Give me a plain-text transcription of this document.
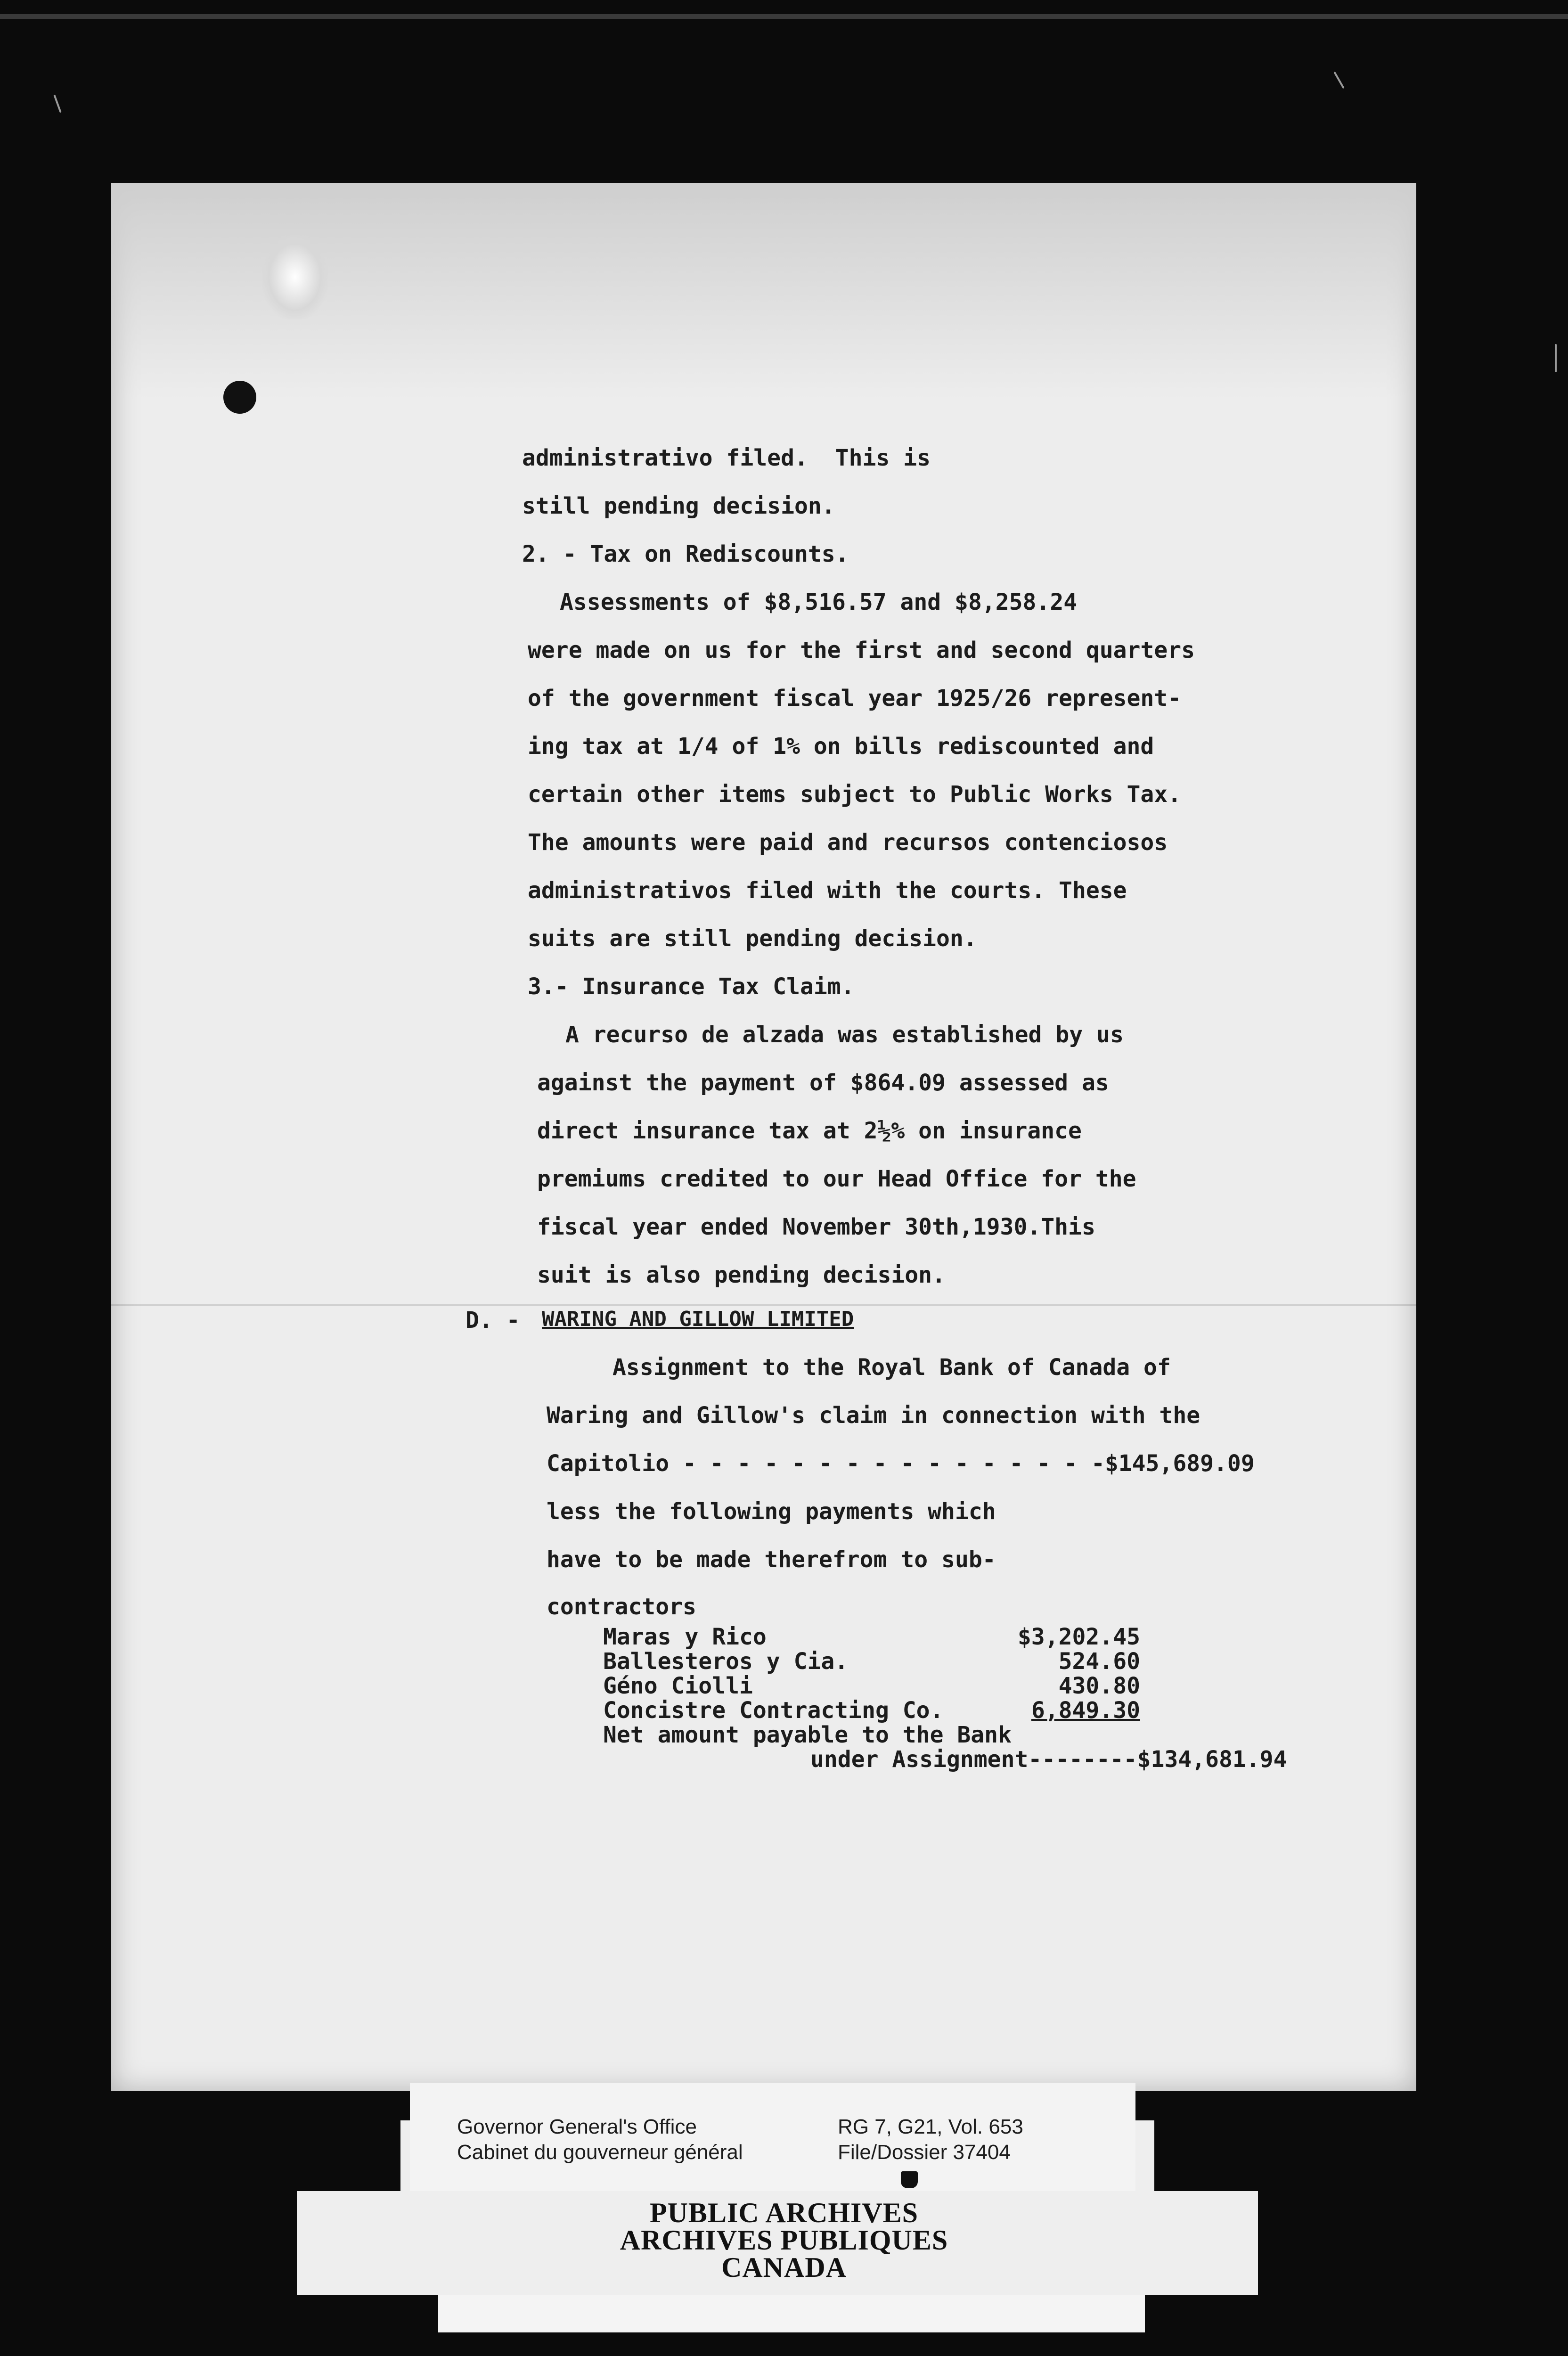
administrativo filed.  This is
still pending decision.
2. - Tax on Rediscounts.
Assessments of $8,516.57 and $8,258.24
were made on us for the first and second quarters
of the government fiscal year 1925/26 represent-
ing tax at 1/4 of 1% on bills rediscounted and
certain other items subject to Public Works Tax.
The amounts were paid and recursos contenciosos
administrativos filed with the courts. These
suits are still pending decision.
3.- Insurance Tax Claim.
A recurso de alzada was established by us
against the payment of $864.09 assessed as
direct insurance tax at 2½% on insurance
premiums credited to our Head Office for the
fiscal year ended November 30th,1930.This
suit is also pending decision.
D. - WARING AND GILLOW LIMITED
Assignment to the Royal Bank of Canada of
Waring and Gillow's claim in connection with the
Capitolio - - - - - - - - - - - - - - - -$145,689.09
less the following payments which
have to be made therefrom to sub-
contractors
Maras y Rico
Ballesteros y Cia.
Géno Ciolli
Concistre Contracting Co.
$3,202.45
524.60
430.80
6,849.30
Net amount payable to the Bank
under Assignment--------$134,681.94
Governor General's Office
Cabinet du gouverneur général
RG 7, G21, Vol. 653
File/Dossier 37404
PUBLIC ARCHIVES
ARCHIVES PUBLIQUES
CANADA
